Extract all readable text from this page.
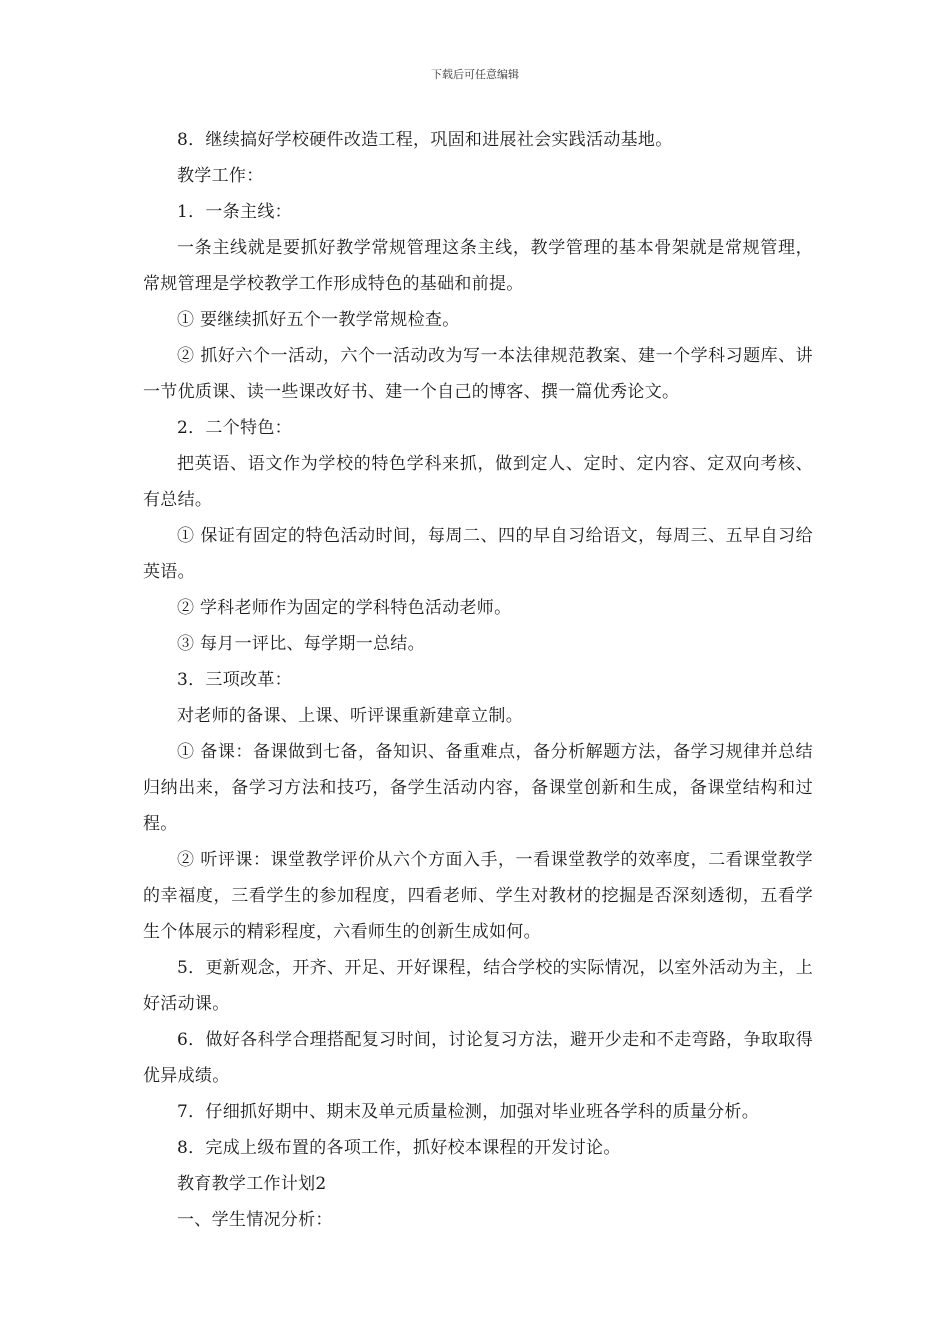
下载后可任意编辑

8．继续搞好学校硬件改造工程，巩固和进展社会实践活动基地。

教学工作：

1．一条主线：

一条主线就是要抓好教学常规管理这条主线，教学管理的基本骨架就是常规管理，常规管理是学校教学工作形成特色的基础和前提。

① 要继续抓好五个一教学常规检查。

② 抓好六个一活动，六个一活动改为写一本法律规范教案、建一个学科习题库、讲一节优质课、读一些课改好书、建一个自己的博客、撰一篇优秀论文。

2．二个特色：

把英语、语文作为学校的特色学科来抓，做到定人、定时、定内容、定双向考核、有总结。

① 保证有固定的特色活动时间，每周二、四的早自习给语文，每周三、五早自习给英语。

② 学科老师作为固定的学科特色活动老师。

③ 每月一评比、每学期一总结。

3．三项改革：

对老师的备课、上课、听评课重新建章立制。

① 备课：备课做到七备，备知识、备重难点，备分析解题方法，备学习规律并总结归纳出来，备学习方法和技巧，备学生活动内容，备课堂创新和生成，备课堂结构和过程。

② 听评课：课堂教学评价从六个方面入手，一看课堂教学的效率度，二看课堂教学的幸福度，三看学生的参加程度，四看老师、学生对教材的挖掘是否深刻透彻，五看学生个体展示的精彩程度，六看师生的创新生成如何。

5．更新观念，开齐、开足、开好课程，结合学校的实际情况，以室外活动为主，上好活动课。

6．做好各科学合理搭配复习时间，讨论复习方法，避开少走和不走弯路，争取取得优异成绩。

7．仔细抓好期中、期末及单元质量检测，加强对毕业班各学科的质量分析。

8．完成上级布置的各项工作，抓好校本课程的开发讨论。

教育教学工作计划2

一、学生情况分析：
